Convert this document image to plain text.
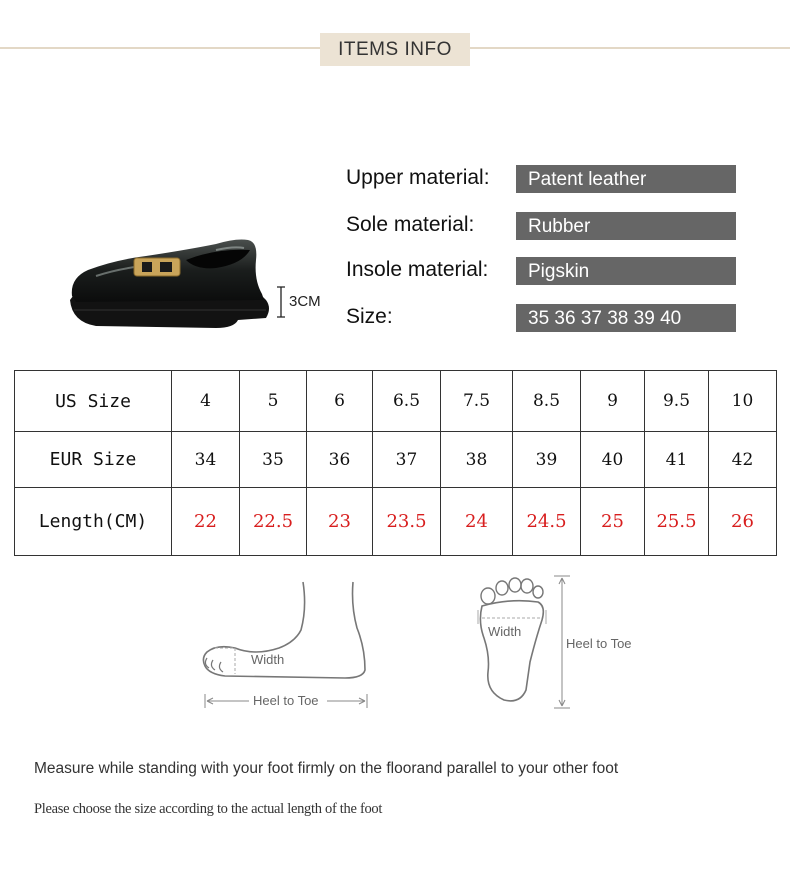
ITEMS INFO
3CM
Upper material:	Patent leather
Sole material:	Rubber
Insole material:	Pigskin
Size:	35 36 37 38 39 40
US Size	4	5	6	6.5	7.5	8.5	9	9.5	10
EUR Size	34	35	36	37	38	39	40	41	42
Length(CM)	22	22.5	23	23.5	24	24.5	25	25.5	26
Width
Heel to Toe
Width
Heel to Toe
Measure while standing with your foot firmly on the floorand parallel to your other foot
Please choose the size according to the actual length of the foot
